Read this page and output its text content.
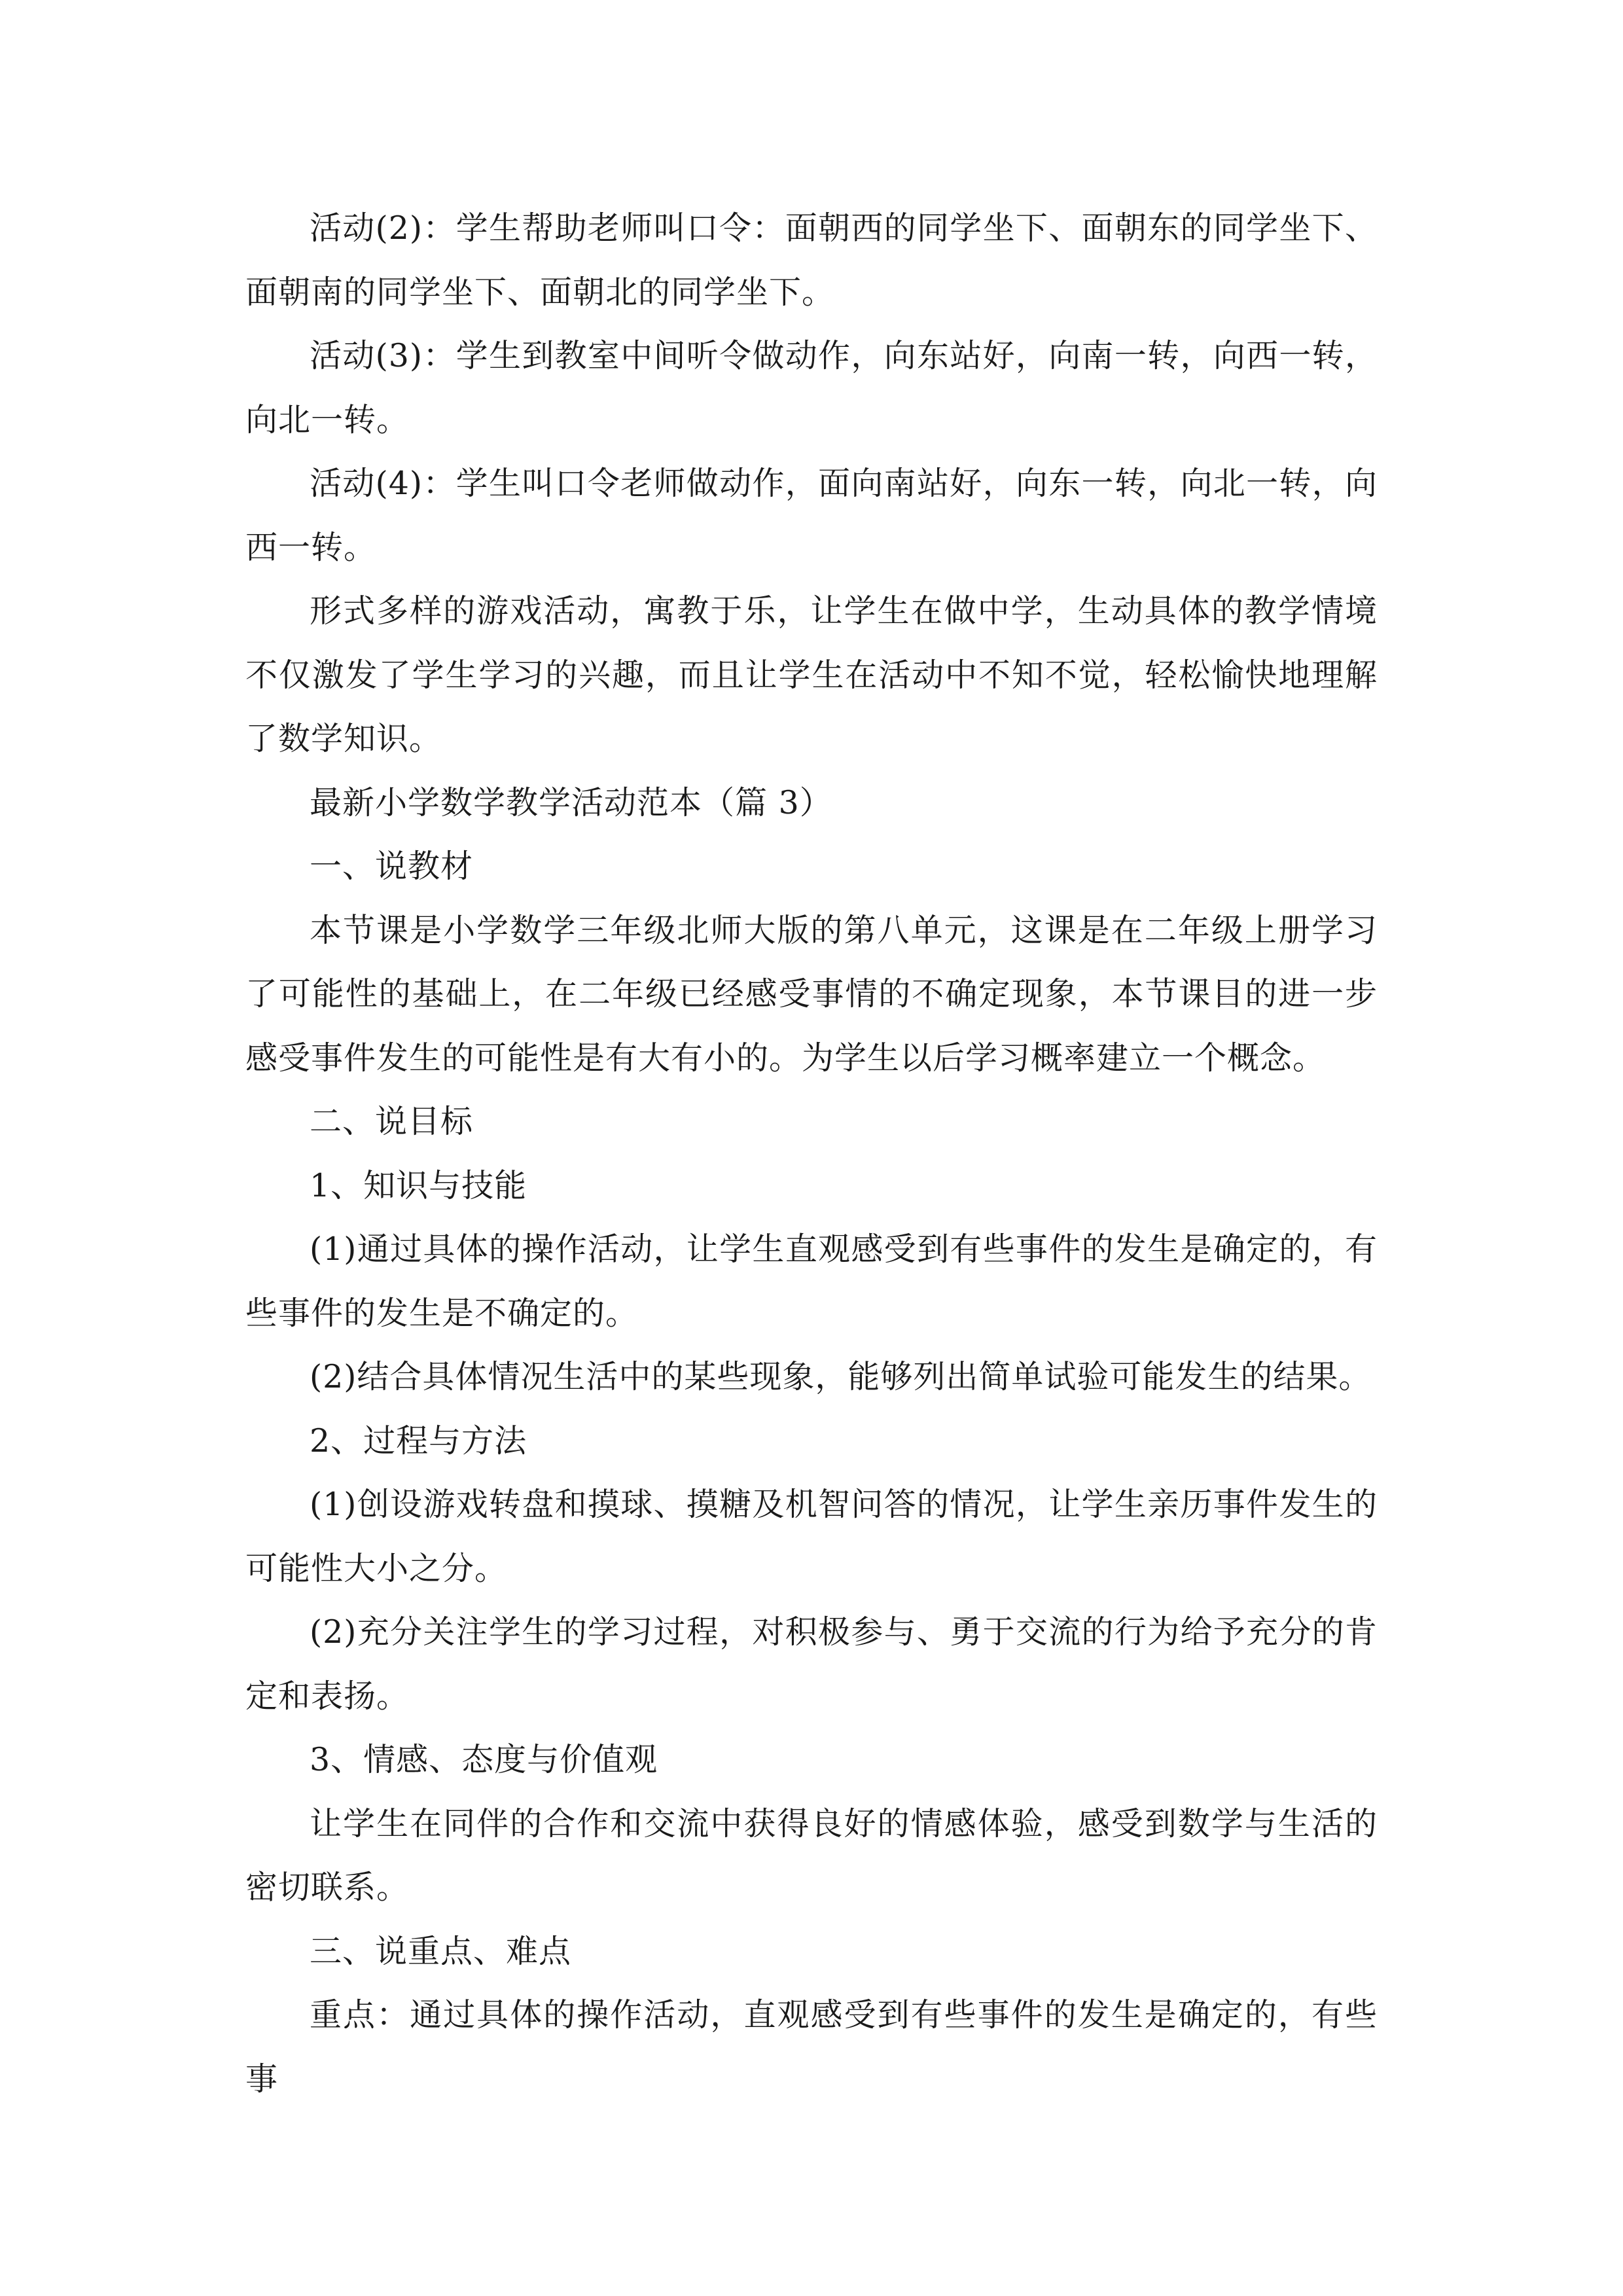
活动(2)：学生帮助老师叫口令：面朝西的同学坐下、面朝东的同学坐下、面朝南的同学坐下、面朝北的同学坐下。

活动(3)：学生到教室中间听令做动作，向东站好，向南一转，向西一转，向北一转。

活动(4)：学生叫口令老师做动作，面向南站好，向东一转，向北一转，向西一转。

形式多样的游戏活动，寓教于乐，让学生在做中学，生动具体的教学情境不仅激发了学生学习的兴趣，而且让学生在活动中不知不觉，轻松愉快地理解了数学知识。

最新小学数学教学活动范本（篇 3）

一、说教材

本节课是小学数学三年级北师大版的第八单元，这课是在二年级上册学习了可能性的基础上，在二年级已经感受事情的不确定现象，本节课目的进一步感受事件发生的可能性是有大有小的。为学生以后学习概率建立一个概念。

二、说目标

1、知识与技能

(1)通过具体的操作活动，让学生直观感受到有些事件的发生是确定的，有些事件的发生是不确定的。

(2)结合具体情况生活中的某些现象，能够列出简单试验可能发生的结果。

2、过程与方法

(1)创设游戏转盘和摸球、摸糖及机智问答的情况，让学生亲历事件发生的可能性大小之分。

(2)充分关注学生的学习过程，对积极参与、勇于交流的行为给予充分的肯定和表扬。

3、情感、态度与价值观

让学生在同伴的合作和交流中获得良好的情感体验，感受到数学与生活的密切联系。

三、说重点、难点

重点：通过具体的操作活动，直观感受到有些事件的发生是确定的，有些事
